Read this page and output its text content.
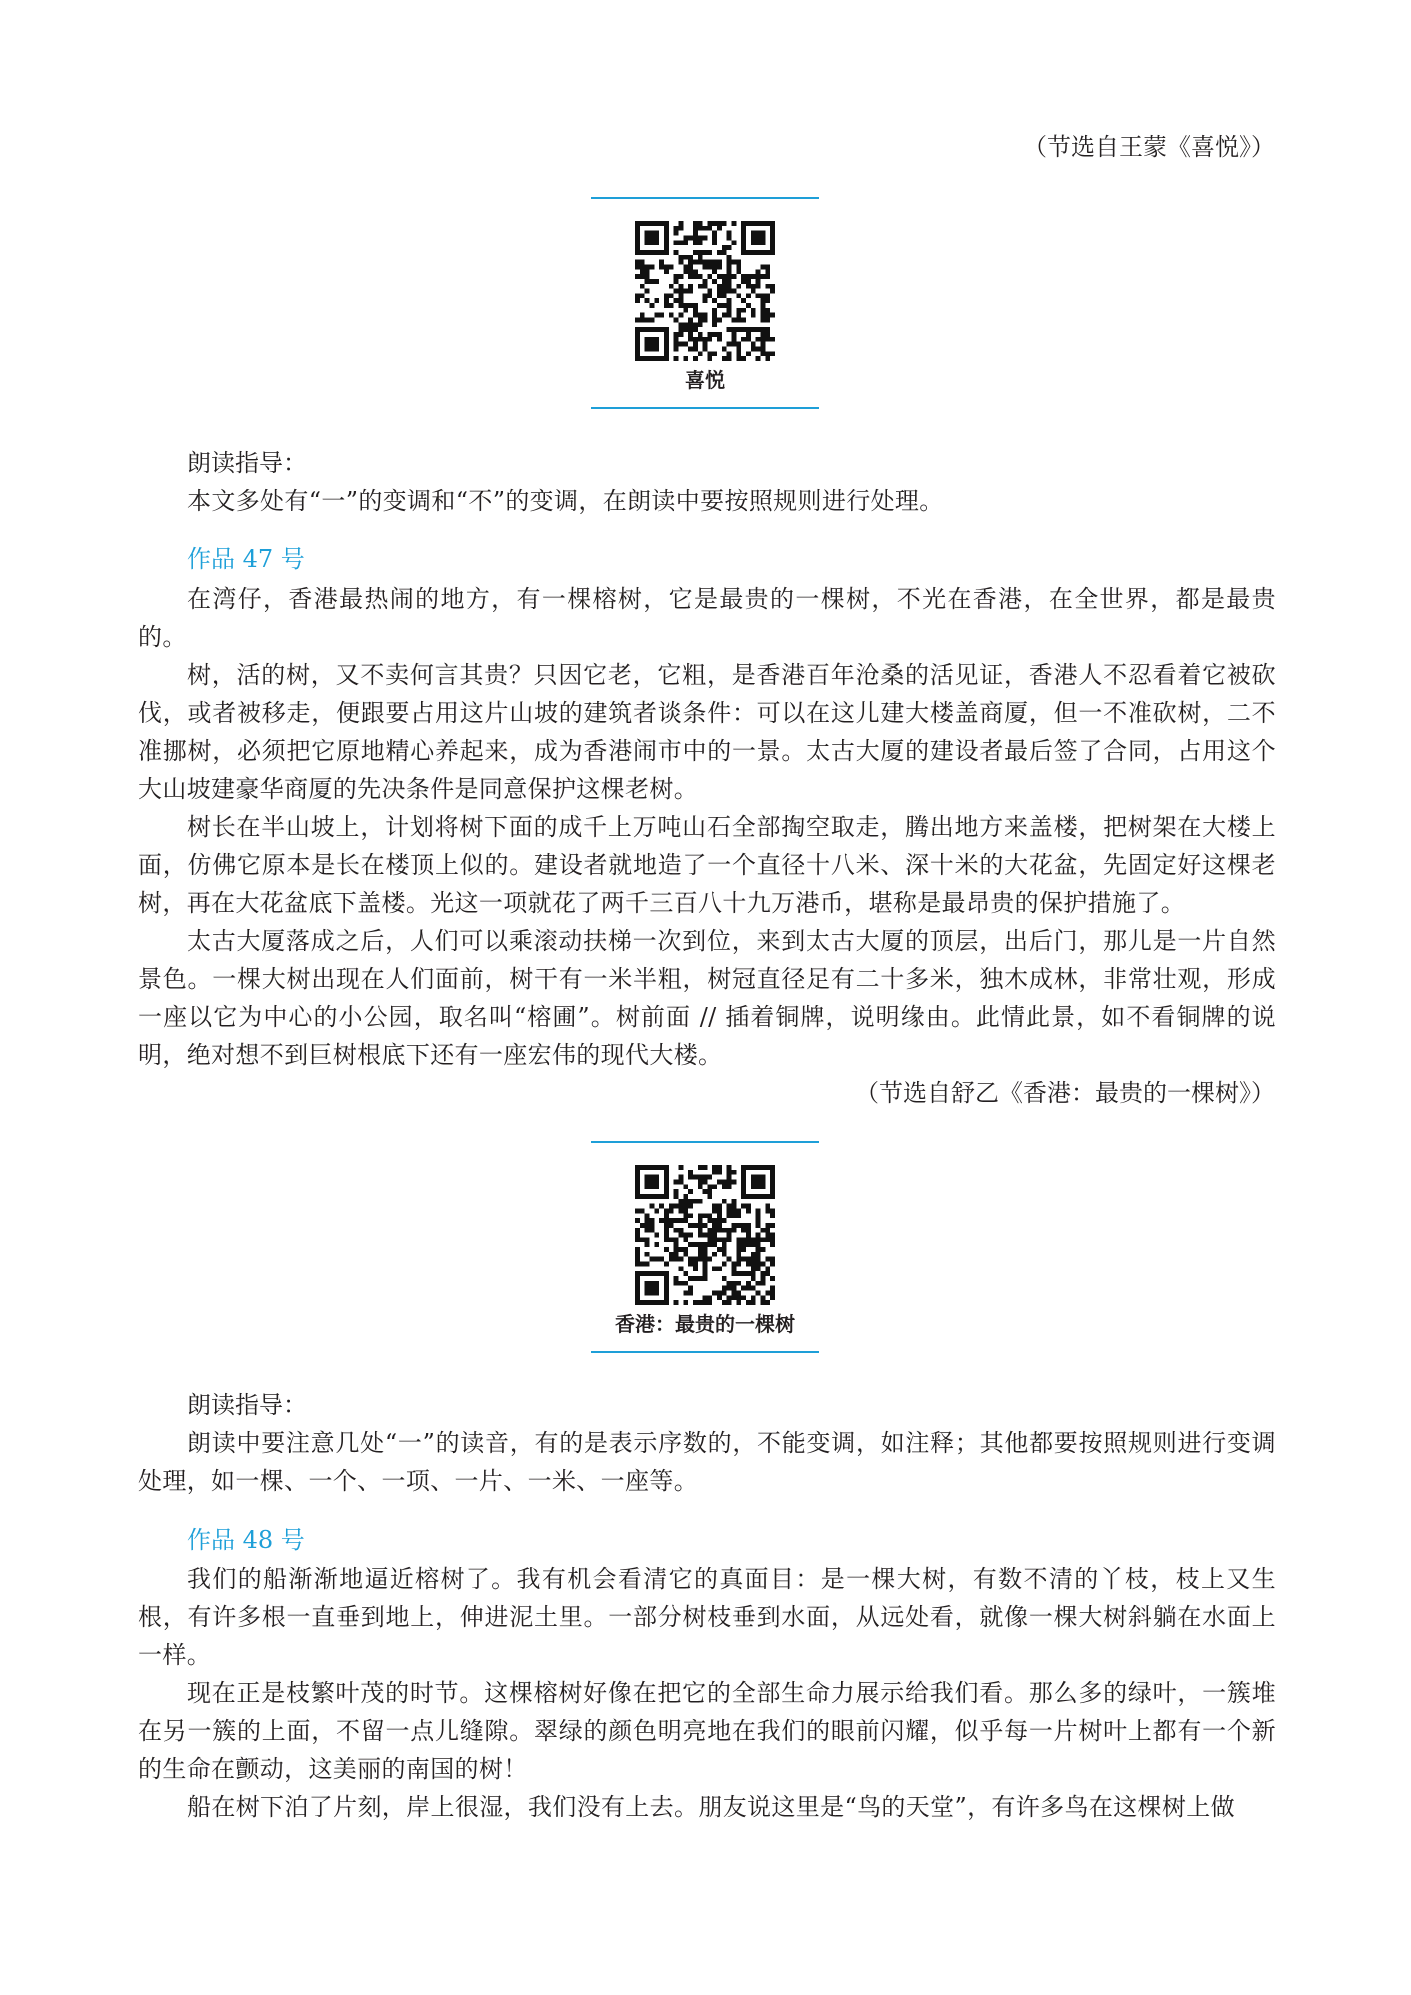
（节选自王蒙《喜悦》）
喜悦
朗读指导：

本文多处有“一”的变调和“不”的变调，在朗读中要按照规则进行处理。

作品 47 号

在湾仔，香港最热闹的地方，有一棵榕树，它是最贵的一棵树，不光在香港，在全世界，都是最贵的。

树，活的树，又不卖何言其贵？只因它老，它粗，是香港百年沧桑的活见证，香港人不忍看着它被砍伐，或者被移走，便跟要占用这片山坡的建筑者谈条件：可以在这儿建大楼盖商厦，但一不准砍树，二不准挪树，必须把它原地精心养起来，成为香港闹市中的一景。太古大厦的建设者最后签了合同，占用这个大山坡建豪华商厦的先决条件是同意保护这棵老树。

树长在半山坡上，计划将树下面的成千上万吨山石全部掏空取走，腾出地方来盖楼，把树架在大楼上面，仿佛它原本是长在楼顶上似的。建设者就地造了一个直径十八米、深十米的大花盆，先固定好这棵老树，再在大花盆底下盖楼。光这一项就花了两千三百八十九万港币，堪称是最昂贵的保护措施了。

太古大厦落成之后，人们可以乘滚动扶梯一次到位，来到太古大厦的顶层，出后门，那儿是一片自然景色。一棵大树出现在人们面前，树干有一米半粗，树冠直径足有二十多米，独木成林，非常壮观，形成一座以它为中心的小公园，取名叫“榕圃”。树前面 // 插着铜牌，说明缘由。此情此景，如不看铜牌的说明，绝对想不到巨树根底下还有一座宏伟的现代大楼。

（节选自舒乙《香港：最贵的一棵树》）
香港：最贵的一棵树
朗读指导：

朗读中要注意几处“一”的读音，有的是表示序数的，不能变调，如注释；其他都要按照规则进行变调处理，如一棵、一个、一项、一片、一米、一座等。

作品 48 号

我们的船渐渐地逼近榕树了。我有机会看清它的真面目：是一棵大树，有数不清的丫枝，枝上又生根，有许多根一直垂到地上，伸进泥土里。一部分树枝垂到水面，从远处看，就像一棵大树斜躺在水面上一样。

现在正是枝繁叶茂的时节。这棵榕树好像在把它的全部生命力展示给我们看。那么多的绿叶，一簇堆在另一簇的上面，不留一点儿缝隙。翠绿的颜色明亮地在我们的眼前闪耀，似乎每一片树叶上都有一个新的生命在颤动，这美丽的南国的树！

船在树下泊了片刻，岸上很湿，我们没有上去。朋友说这里是“鸟的天堂”，有许多鸟在这棵树上做
